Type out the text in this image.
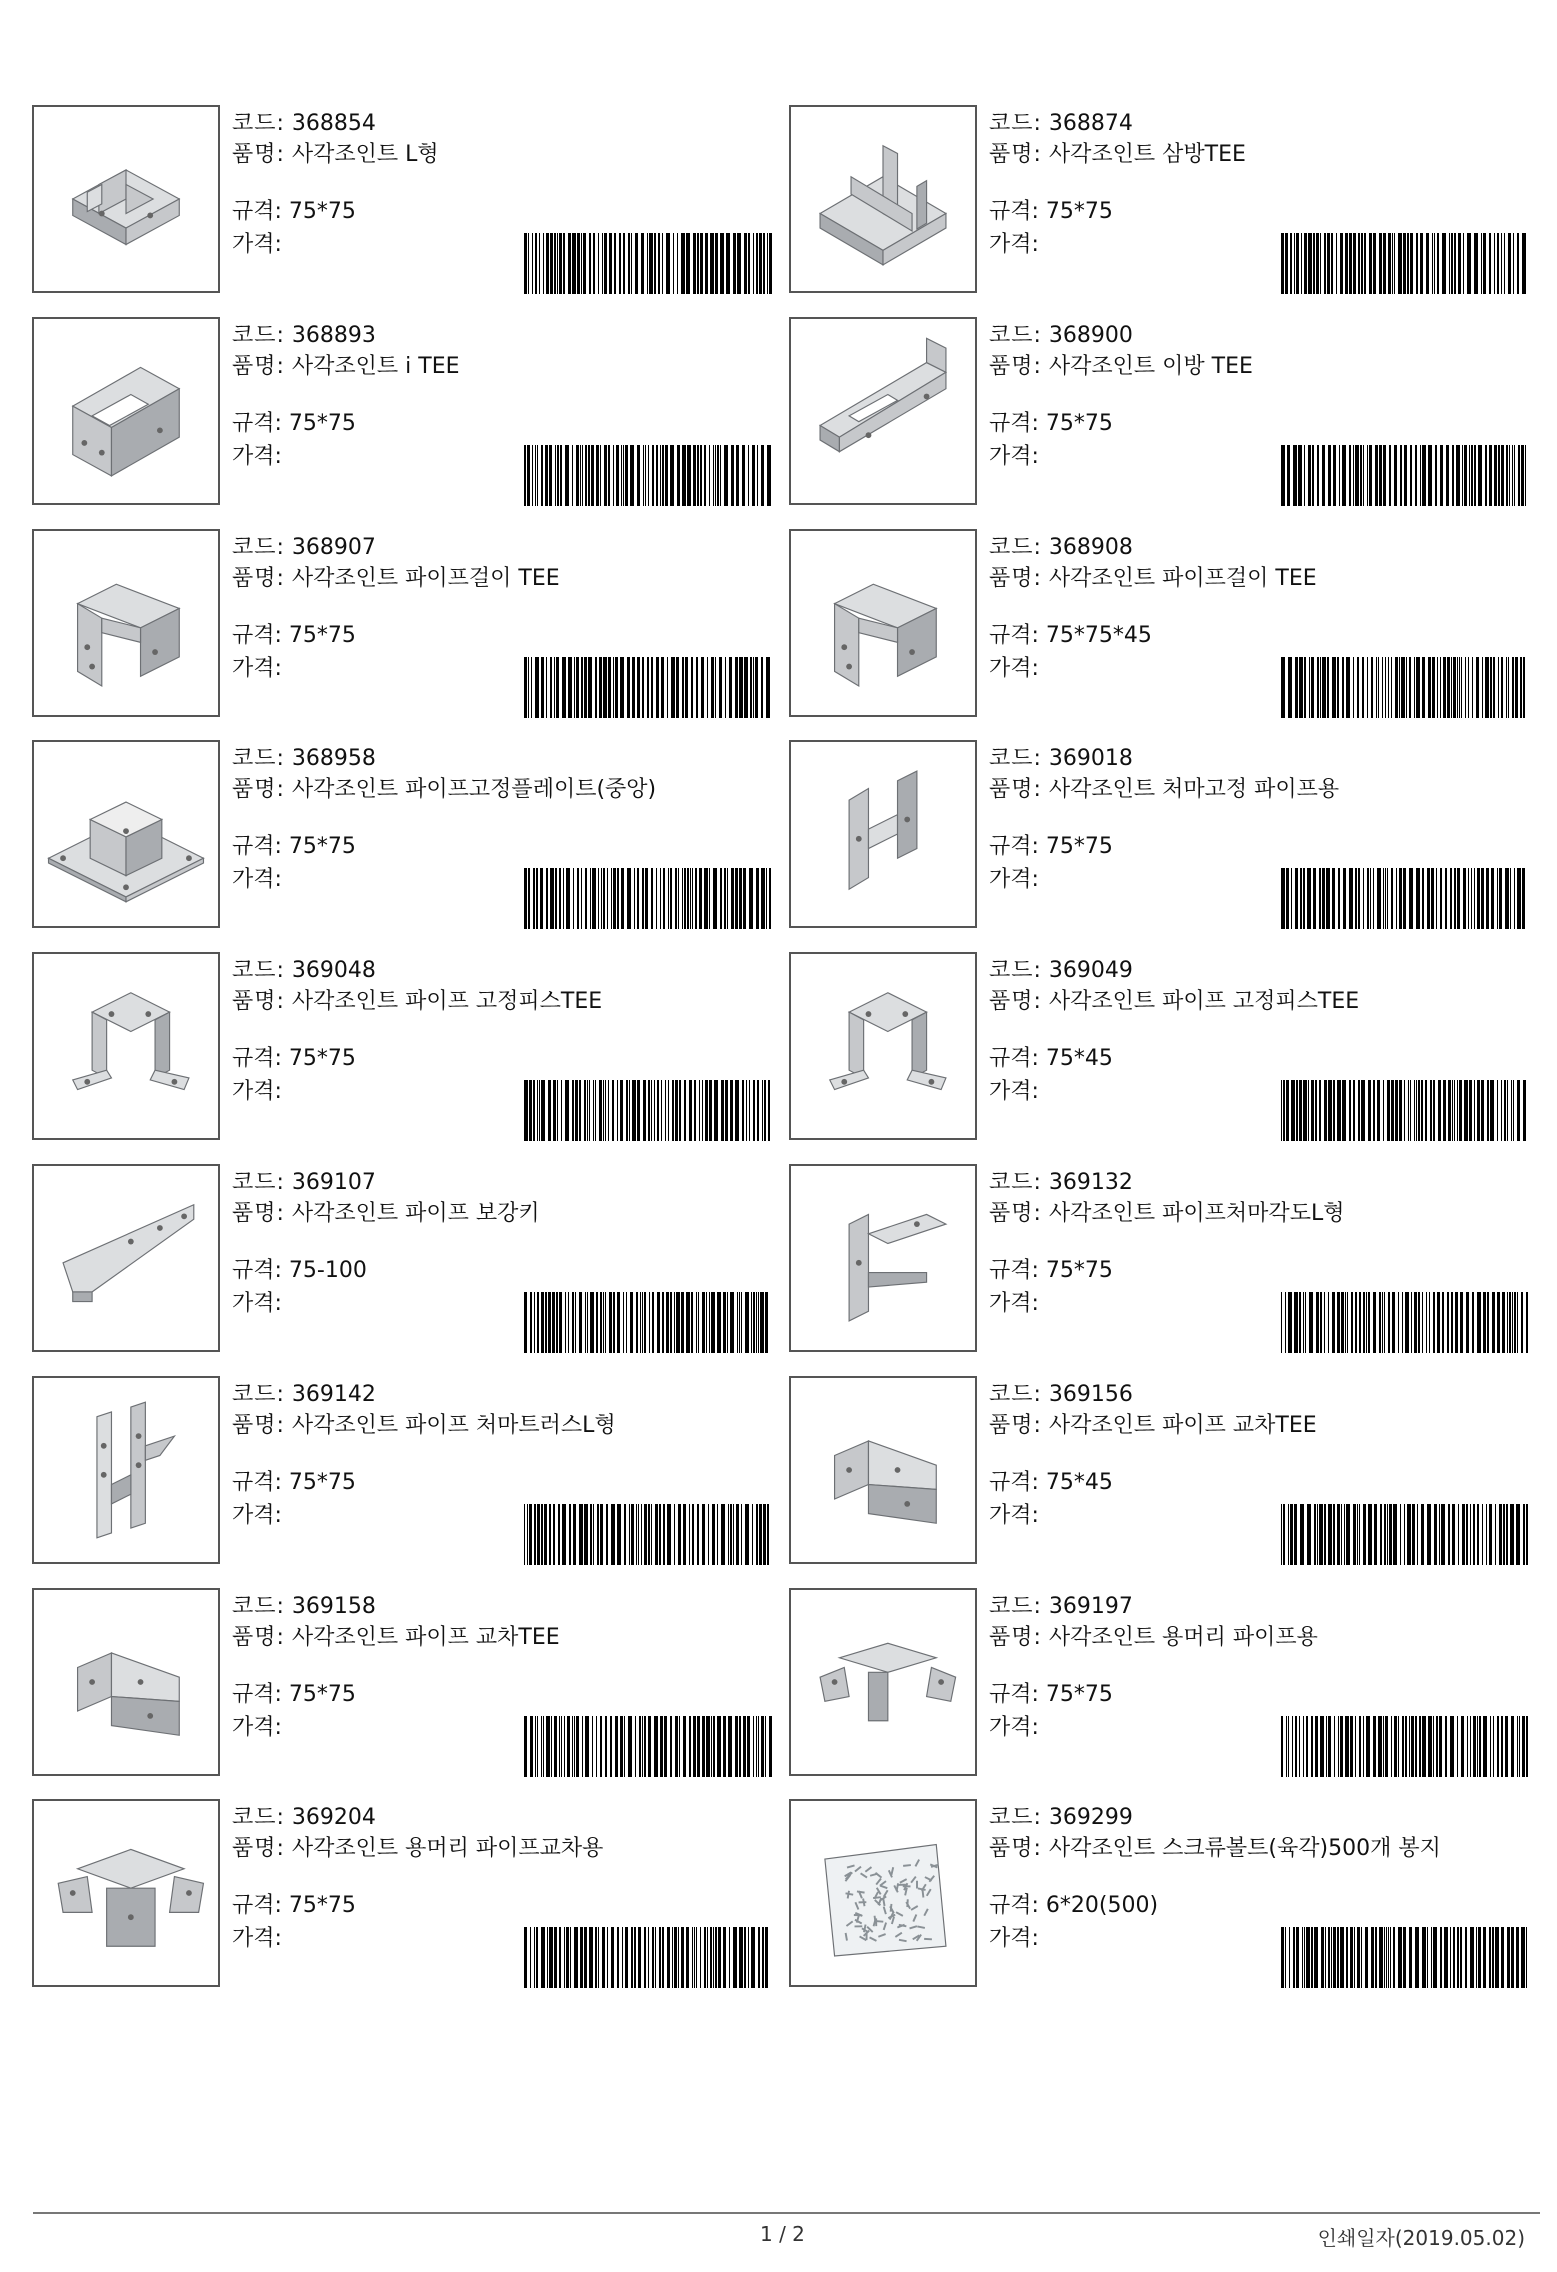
코드: 368854
품명: 사각조인트 L형
규격: 75*75
가격:
코드: 368874
품명: 사각조인트 삼방TEE
규격: 75*75
가격:
코드: 368893
품명: 사각조인트 i TEE
규격: 75*75
가격:
코드: 368900
품명: 사각조인트 이방 TEE
규격: 75*75
가격:
코드: 368907
품명: 사각조인트 파이프걸이 TEE
규격: 75*75
가격:
코드: 368908
품명: 사각조인트 파이프걸이 TEE
규격: 75*75*45
가격:
코드: 368958
품명: 사각조인트 파이프고정플레이트(중앙)
규격: 75*75
가격:
코드: 369018
품명: 사각조인트 처마고정 파이프용
규격: 75*75
가격:
코드: 369048
품명: 사각조인트 파이프 고정피스TEE
규격: 75*75
가격:
코드: 369049
품명: 사각조인트 파이프 고정피스TEE
규격: 75*45
가격:
코드: 369107
품명: 사각조인트 파이프 보강키
규격: 75-100
가격:
코드: 369132
품명: 사각조인트 파이프처마각도L형
규격: 75*75
가격:
코드: 369142
품명: 사각조인트 파이프 처마트러스L형
규격: 75*75
가격:
코드: 369156
품명: 사각조인트 파이프 교차TEE
규격: 75*45
가격:
코드: 369158
품명: 사각조인트 파이프 교차TEE
규격: 75*75
가격:
코드: 369197
품명: 사각조인트 용머리 파이프용
규격: 75*75
가격:
코드: 369204
품명: 사각조인트 용머리 파이프교차용
규격: 75*75
가격:
코드: 369299
품명: 사각조인트 스크류볼트(육각)500개 봉지
규격: 6*20(500)
가격:
1 / 2	인쇄일자(2019.05.02)
